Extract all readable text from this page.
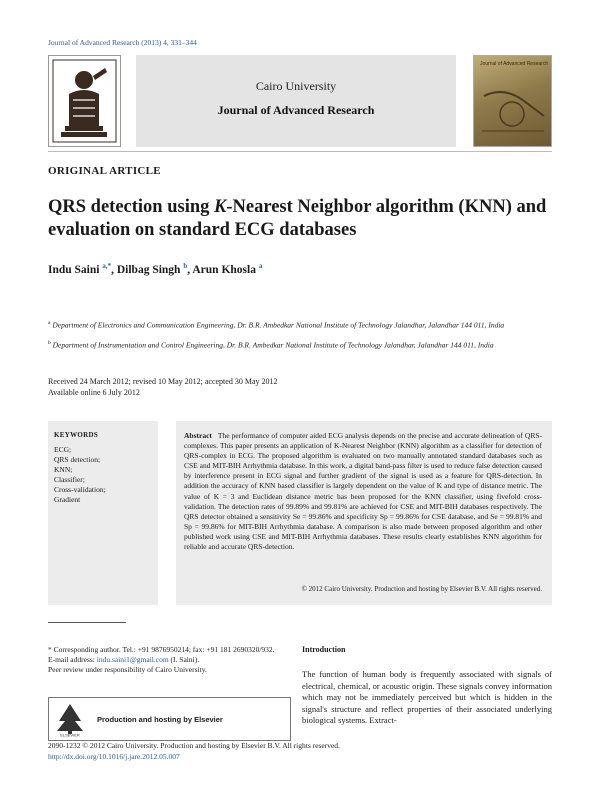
Journal of Advanced Research (2013) 4, 331–344
Cairo University
Journal of Advanced Research
Journal of Advanced Research
ORIGINAL ARTICLE
QRS detection using K-Nearest Neighbor algorithm (KNN) and evaluation on standard ECG databases
Indu Saini $^{a,*}$, Dilbag Singh $^b$, Arun Khosla $^a$
$^a$ Department of Electronics and Communication Engineering, Dr. B.R. Ambedkar National Institute of Technology Jalandhar, Jalandhar 144 011, India
$^b$ Department of Instrumentation and Control Engineering, Dr. B.R. Ambedkar National Institute of Technology Jalandhar, Jalandhar 144 011, India
Received 24 March 2012; revised 10 May 2012; accepted 30 May 2012
Available online 6 July 2012
KEYWORDS
ECG;
QRS detection;
KNN;
Classifier;
Cross-validation;
Gradient
Abstract The performance of computer aided ECG analysis depends on the precise and accurate delineation of QRS-complexes. This paper presents an application of K-Nearest Neighbor (KNN) algorithm as a classifier for detection of QRS-complex in ECG. The proposed algorithm is evaluated on two manually annotated standard databases such as CSE and MIT-BIH Arrhythmia database. In this work, a digital band-pass filter is used to reduce false detection caused by interference present in ECG signal and further gradient of the signal is used as a feature for QRS-detection. In addition the accuracy of KNN based classifier is largely dependent on the value of K and type of distance metric. The value of K = 3 and Euclidean distance metric has been proposed for the KNN classifier, using fivefold cross-validation. The detection rates of 99.89% and 99.81% are achieved for CSE and MIT-BIH databases respectively. The QRS detector obtained a sensitivity Se = 99.86% and specificity Sp = 99.86% for CSE database, and Se = 99.81% and Sp = 99.86% for MIT-BIH Arrhythmia database. A comparison is also made between proposed algorithm and other published work using CSE and MIT-BIH Arrhythmia databases. These results clearly establishes KNN algorithm for reliable and accurate QRS-detection.
© 2012 Cairo University. Production and hosting by Elsevier B.V. All rights reserved.
* Corresponding author. Tel.: +91 9876950214; fax: +91 181 2690320/932.
E-mail address: indu.saini1@gmail.com (I. Saini).
Peer review under responsibility of Cairo University.
ELSEVIER
Production and hosting by Elsevier
Introduction
The function of human body is frequently associated with signals of electrical, chemical, or acoustic origin. These signals convey information which may not be immediately perceived but which is hidden in the signal's structure and reflect properties of their associated underlying biological systems. Extract-
2090-1232 © 2012 Cairo University. Production and hosting by Elsevier B.V. All rights reserved.
http://dx.doi.org/10.1016/j.jare.2012.05.007
